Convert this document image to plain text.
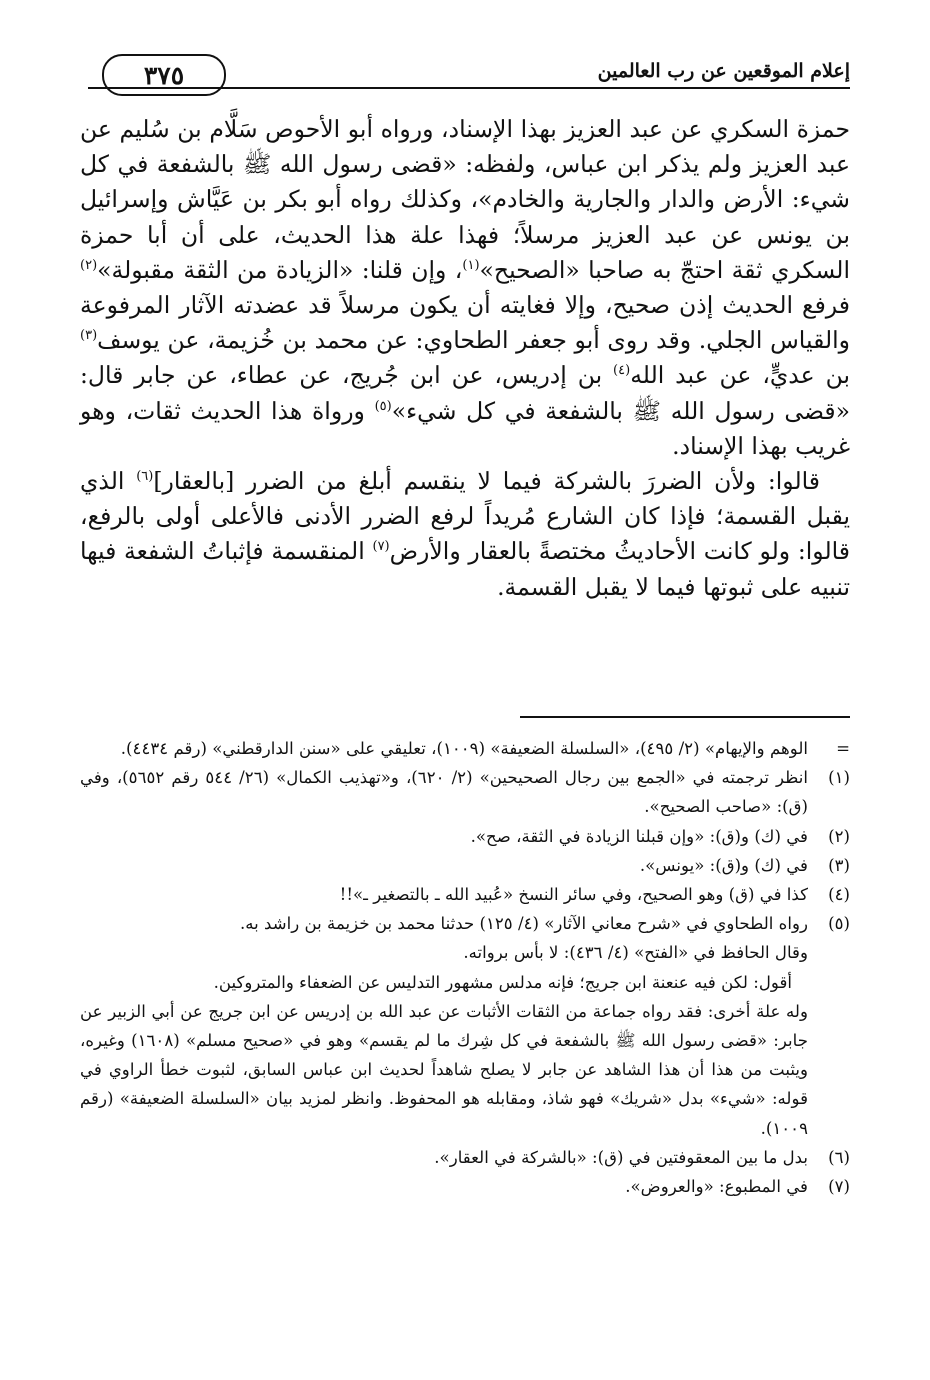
٣٧٥	إعلام الموقعين عن رب العالمين

حمزة السكري عن عبد العزيز بهذا الإسناد، ورواه أبو الأحوص سَلَّام بن سُليم عن عبد العزيز ولم يذكر ابن عباس، ولفظه: «قضى رسول الله ﷺ بالشفعة في كل شيء: الأرض والدار والجارية والخادم»، وكذلك رواه أبو بكر بن عَيَّاش وإسرائيل بن يونس عن عبد العزيز مرسلاً؛ فهذا علة هذا الحديث، على أن أبا حمزة السكري ثقة احتجّ به صاحبا «الصحيح»$^{(١)}$، وإن قلنا: «الزيادة من الثقة مقبولة»$^{(٢)}$ فرفع الحديث إذن صحيح، وإلا فغايته أن يكون مرسلاً قد عضدته الآثار المرفوعة والقياس الجلي. وقد روى أبو جعفر الطحاوي: عن محمد بن خُزيمة، عن يوسف$^{(٣)}$ بن عديٍّ، عن عبد الله$^{(٤)}$ بن إدريس، عن ابن جُريج، عن عطاء، عن جابر قال: «قضى رسول الله ﷺ بالشفعة في كل شيء»$^{(٥)}$ ورواة هذا الحديث ثقات، وهو غريب بهذا الإسناد.

قالوا: ولأن الضررَ بالشركة فيما لا ينقسم أبلغ من الضرر [بالعقار]$^{(٦)}$ الذي يقبل القسمة؛ فإذا كان الشارع مُريداً لرفع الضرر الأدنى فالأعلى أولى بالرفع، قالوا: ولو كانت الأحاديثُ مختصةً بالعقار والأرض$^{(٧)}$ المنقسمة فإثباتُ الشفعة فيها تنبيه على ثبوتها فيما لا يقبل القسمة.

=
الوهم والإيهام» (٢/ ٤٩٥)، «السلسلة الضعيفة» (١٠٠٩)، تعليقي على «سنن الدارقطني» (رقم ٤٤٣٤).
(١)
انظر ترجمته في «الجمع بين رجال الصحيحين» (٢/ ٦٢٠)، و«تهذيب الكمال» (٢٦/ ٥٤٤ رقم ٥٦٥٢)، وفي (ق): «صاحب الصحيح».
(٢)
في (ك) و(ق): «وإن قبلنا الزيادة في الثقة، صح».
(٣)
في (ك) و(ق): «يونس».
(٤)
كذا في (ق) وهو الصحيح، وفي سائر النسخ «عُبيد الله ـ بالتصغير ـ»!!
(٥)
رواه الطحاوي في «شرح معاني الآثار» (٤/ ١٢٥) حدثنا محمد بن خزيمة بن راشد به.
وقال الحافظ في «الفتح» (٤/ ٤٣٦): لا بأس برواته.
أقول: لكن فيه عنعنة ابن جريج؛ فإنه مدلس مشهور التدليس عن الضعفاء والمتروكين.
وله علة أخرى: فقد رواه جماعة من الثقات الأثبات عن عبد الله بن إدريس عن ابن جريج عن أبي الزبير عن جابر: «قضى رسول الله ﷺ بالشفعة في كل شِرك ما لم يقسم» وهو في «صحيح مسلم» (١٦٠٨) وغيره، ويثبت من هذا أن هذا الشاهد عن جابر لا يصلح شاهداً لحديث ابن عباس السابق، لثبوت خطأ الراوي في قوله: «شيء» بدل «شريك» فهو شاذ، ومقابله هو المحفوظ. وانظر لمزيد بيان «السلسلة الضعيفة» (رقم ١٠٠٩).
(٦)
بدل ما بين المعقوفتين في (ق): «بالشركة في العقار».
(٧)
في المطبوع: «والعروض».
